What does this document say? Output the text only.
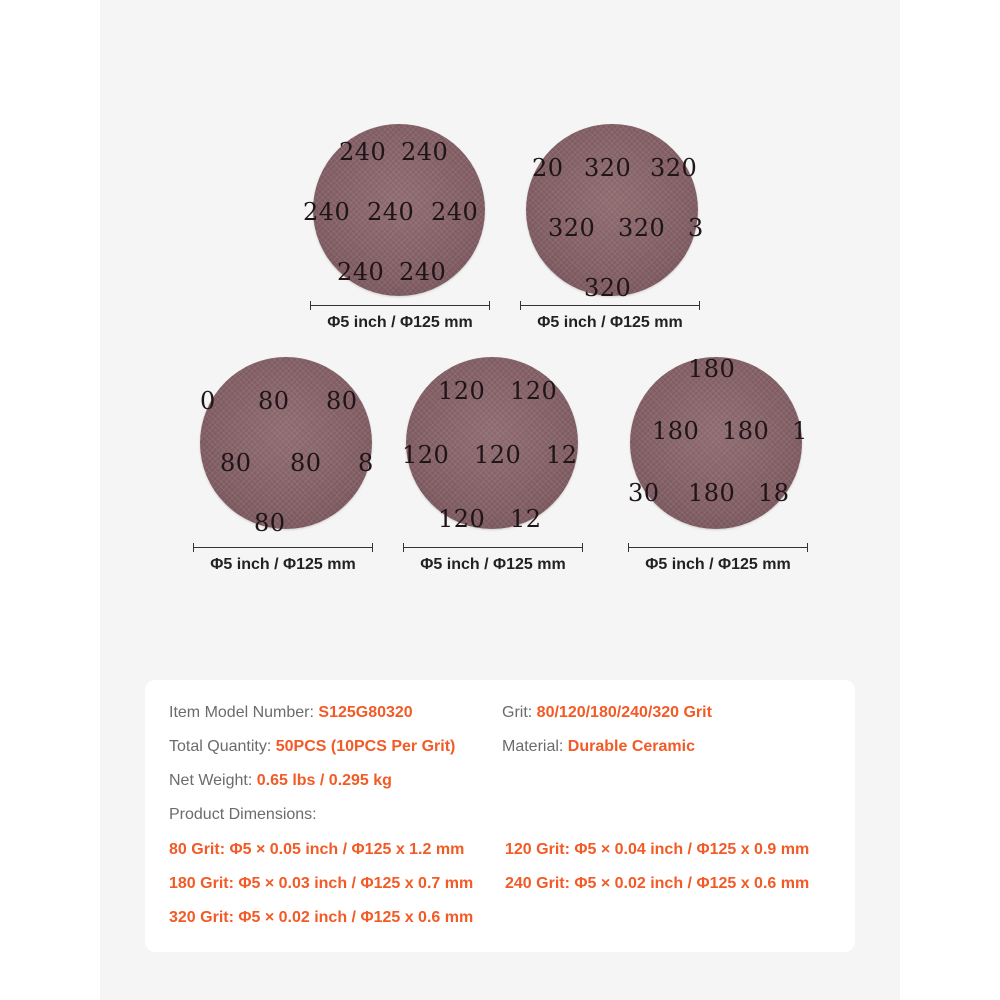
240 240
240 240 240
240 240
20 320 320
320 320 3
320
0 80 80
80 80 8
80
120 120
120 120 12
120 12
180
180 180 1
30 180 18
Φ5 inch / Φ125 mm	Φ5 inch / Φ125 mm
Φ5 inch / Φ125 mm	Φ5 inch / Φ125 mm	Φ5 inch / Φ125 mm
Item Model Number: S125G80320	Grit: 80/120/180/240/320 Grit
Total Quantity: 50PCS (10PCS Per Grit)	Material: Durable Ceramic
Net Weight: 0.65 lbs / 0.295 kg
Product Dimensions:
80 Grit: Φ5 × 0.05 inch / Φ125 x 1.2 mm	120 Grit: Φ5 × 0.04 inch / Φ125 x 0.9 mm
180 Grit: Φ5 × 0.03 inch / Φ125 x 0.7 mm 240 Grit: Φ5 × 0.02 inch / Φ125 x 0.6 mm
320 Grit: Φ5 × 0.02 inch / Φ125 x 0.6 mm
